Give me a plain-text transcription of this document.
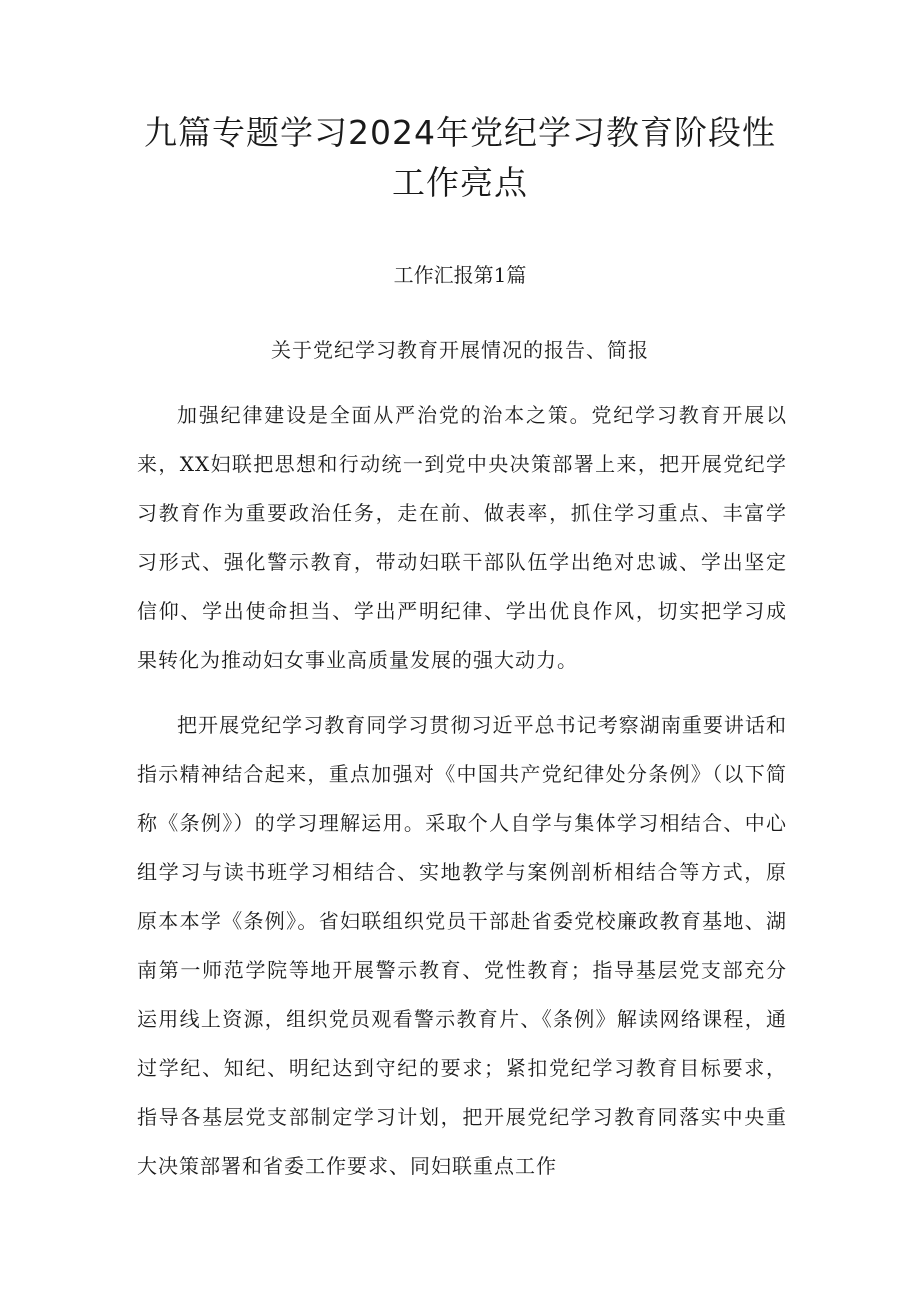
九篇专题学习2024年党纪学习教育阶段性工作亮点

工作汇报第1篇

关于党纪学习教育开展情况的报告、简报

加强纪律建设是全面从严治党的治本之策。党纪学习教育开展以来，XX妇联把思想和行动统一到党中央决策部署上来，把开展党纪学习教育作为重要政治任务，走在前、做表率，抓住学习重点、丰富学习形式、强化警示教育，带动妇联干部队伍学出绝对忠诚、学出坚定信仰、学出使命担当、学出严明纪律、学出优良作风，切实把学习成果转化为推动妇女事业高质量发展的强大动力。

把开展党纪学习教育同学习贯彻习近平总书记考察湖南重要讲话和指示精神结合起来，重点加强对《中国共产党纪律处分条例》（以下简称《条例》）的学习理解运用。采取个人自学与集体学习相结合、中心组学习与读书班学习相结合、实地教学与案例剖析相结合等方式，原原本本学《条例》。省妇联组织党员干部赴省委党校廉政教育基地、湖南第一师范学院等地开展警示教育、党性教育；指导基层党支部充分运用线上资源，组织党员观看警示教育片、《条例》解读网络课程，通过学纪、知纪、明纪达到守纪的要求；紧扣党纪学习教育目标要求，指导各基层党支部制定学习计划，把开展党纪学习教育同落实中央重大决策部署和省委工作要求、同妇联重点工作
